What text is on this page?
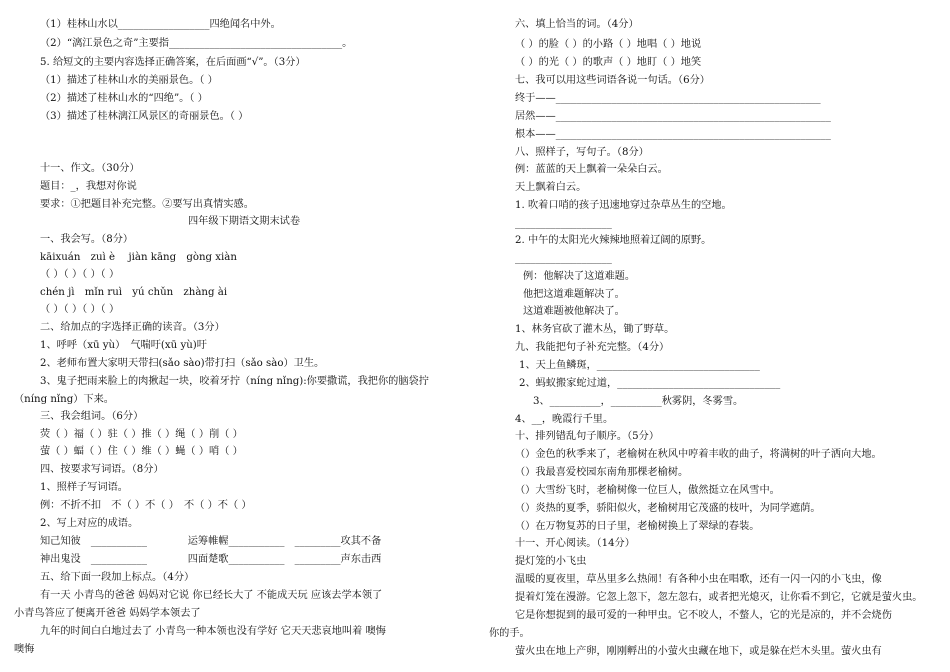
（1）桂林山水以__________________四绝闻名中外。
（2）“漓江景色之奇”主要指__________________________________。
5. 给短文的主要内容选择正确答案，在后面画“√”。（3分）
（1）描述了桂林山水的美丽景色。（ ）
（2）描述了桂林山水的“四绝”。（ ）
（3）描述了桂林漓江风景区的奇丽景色。（ ）
十一、作文。（30分）
题目：_，我想对你说
要求：①把题目补充完整。②要写出真情实感。
四年级下期语文期末试卷
一、我会写。（8分）
kāixuán　zuì è　 jiàn kāng　gòng xiàn
（ ）（ ）（ ）（ ）
chén jì　mǐn ruì　yú chǔn　zhàng ài
（ ）（ ）（ ）（ ）
二、给加点的字选择正确的读音。（3分）
1、呼呼（xū yù）　气喘吁(xū yù)吁
2、老师布置大家明天带扫(sǎo sào)带打扫（sǎo sào）卫生。
3、鬼子把雨来脸上的肉揪起一块，咬着牙拧（níng nǐng):你要撒谎，我把你的脑袋拧
（níng nǐng）下来。
三、我会组词。（6分）
荧（ ）福（ ）驻（ ）推（ ）绳（ ）削（ ）
萤（ ）蝠（ ）住（ ）维（ ）蝇（ ）哨（ ）
四、按要求写词语。（8分）
1、照样子写词语。
例：不折不扣　不（ ）不（ ）　不（ ）不（ ）
2、写上对应的成语。
知己知彼　___________　　　　运筹帷幄___________　_________攻其不备
神出鬼没　___________　　　　四面楚歌___________　_________声东击西
五、给下面一段加上标点。（4分）
有一天 小青鸟的爸爸 妈妈对它说 你已经长大了 不能成天玩 应该去学本领了
小青鸟答应了便离开爸爸 妈妈学本领去了
九年的时间白白地过去了 小青鸟一种本领也没有学好 它天天悲哀地叫着 噢悔
噢悔
六、填上恰当的词。（4分）
（ ）的脸（ ）的小路（ ）地唱（ ）地说
（ ）的光（ ）的歌声（ ）地盯（ ）地笑
七、我可以用这些词语各说一句话。（6分）
终于——____________________________________________________
居然——______________________________________________________
根本——______________________________________________________
八、照样子，写句子。（8分）
例：蓝蓝的天上飘着一朵朵白云。
天上飘着白云。
1. 吹着口哨的孩子迅速地穿过杂草丛生的空地。
___________________
2. 中午的太阳光火辣辣地照着辽阔的原野。
___________________
例：他解决了这道难题。
他把这道难题解决了。
这道难题被他解决了。
1、林务官砍了灌木丛，锄了野草。
九、我能把句子补充完整。（4分）
1、天上鱼鳞斑，________________________________
2、蚂蚁搬家蛇过道，________________________________
3、__________，__________秋雾阴，冬雾雪。
4、__，晚霞行千里。
十、排列错乱句子顺序。（5分）
（）金色的秋季来了，老榆树在秋风中哼着丰收的曲子，将满树的叶子洒向大地。
（）我最喜爱校园东南角那棵老榆树。
（）大雪纷飞时，老榆树像一位巨人，傲然挺立在风雪中。
（）炎热的夏季，骄阳似火，老榆树用它茂盛的枝叶，为同学遮荫。
（）在万物复苏的日子里，老榆树换上了翠绿的春装。
十一、开心阅读。（14分）
提灯笼的小飞虫
温暖的夏夜里，草丛里多么热闹！有各种小虫在唱歌，还有一闪一闪的小飞虫，像
提着灯笼在漫游。它忽上忽下，忽左忽右，或者把光熄灭，让你看不到它，它就是萤火虫。
它是你想捉到的最可爱的一种甲虫。它不咬人，不螫人，它的光是凉的，并不会烧伤
你的手。
萤火虫在地上产卵，刚刚孵出的小萤火虫藏在地下，或是躲在烂木头里。萤火虫有
